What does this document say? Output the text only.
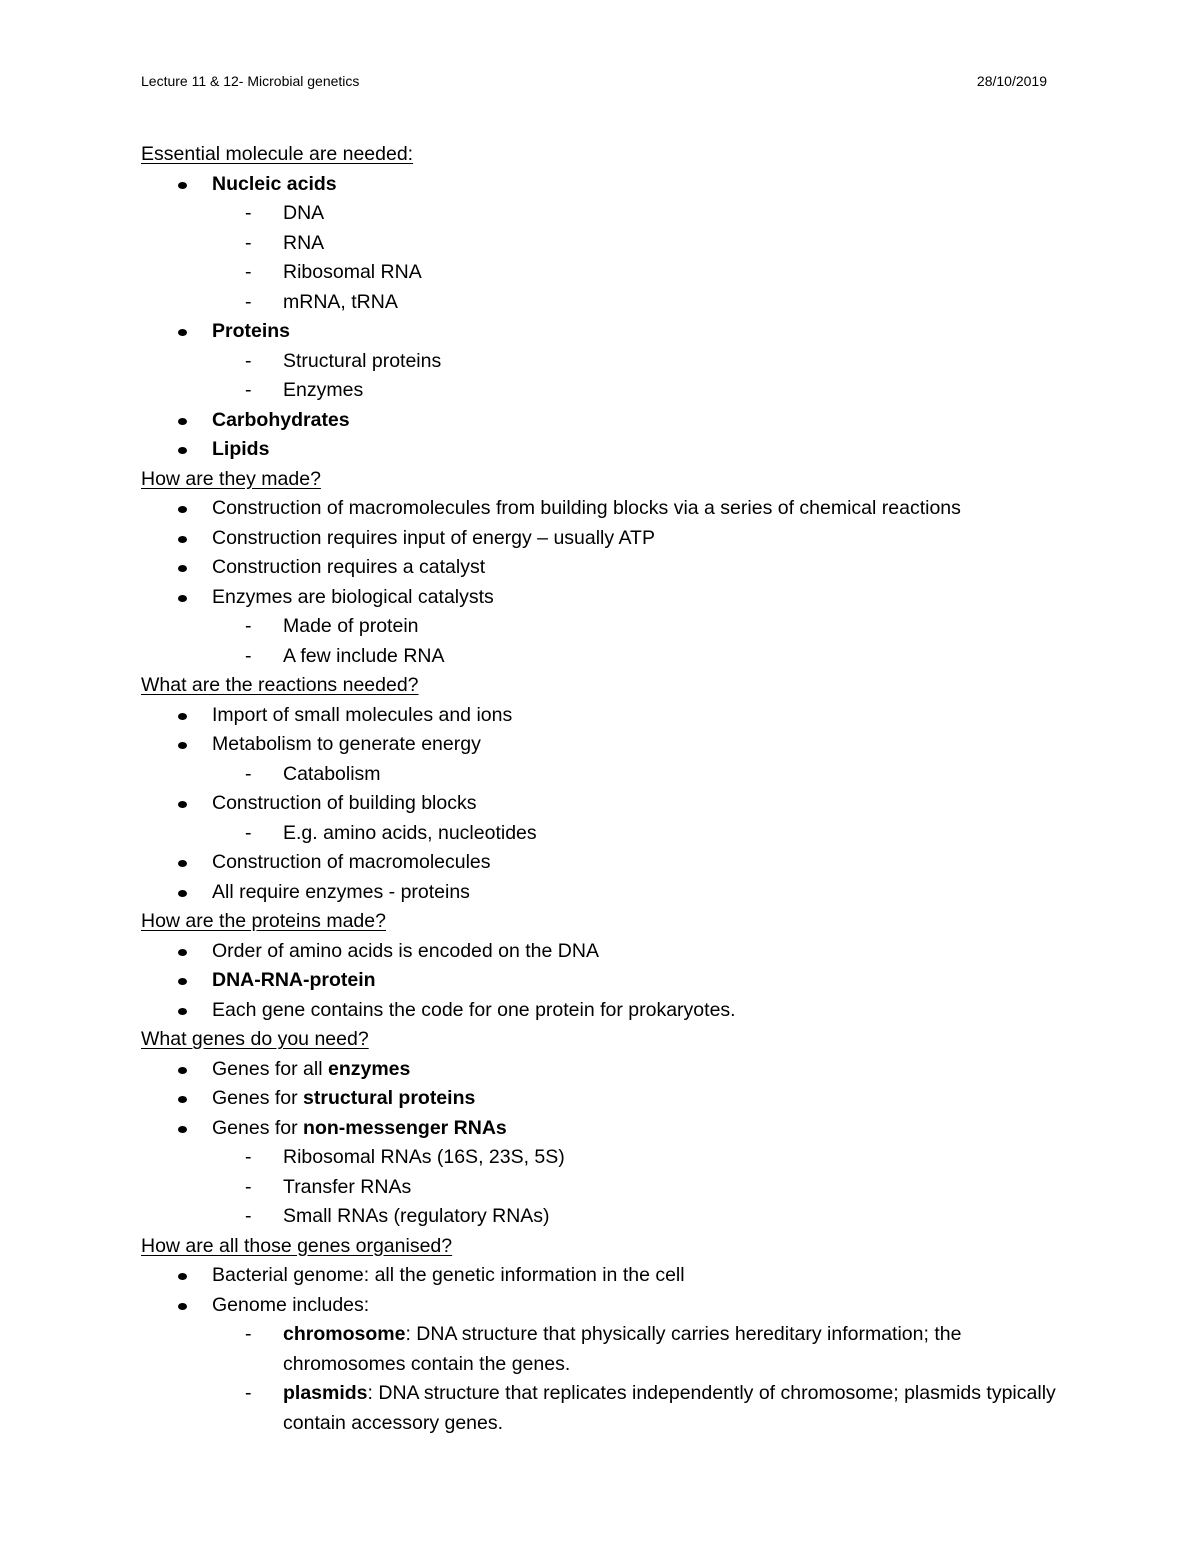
Lecture 11 & 12- Microbial genetics	28/10/2019
Essential molecule are needed:
Nucleic acids
- DNA
- RNA
- Ribosomal RNA
- mRNA, tRNA
Proteins
- Structural proteins
- Enzymes
Carbohydrates
Lipids
How are they made?
Construction of macromolecules from building blocks via a series of chemical reactions
Construction requires input of energy – usually ATP
Construction requires a catalyst
Enzymes are biological catalysts
- Made of protein
- A few include RNA
What are the reactions needed?
Import of small molecules and ions
Metabolism to generate energy
- Catabolism
Construction of building blocks
- E.g. amino acids, nucleotides
Construction of macromolecules
All require enzymes - proteins
How are the proteins made?
Order of amino acids is encoded on the DNA
DNA-RNA-protein
Each gene contains the code for one protein for prokaryotes.
What genes do you need?
Genes for all enzymes
Genes for structural proteins
Genes for non-messenger RNAs
- Ribosomal RNAs (16S, 23S, 5S)
- Transfer RNAs
- Small RNAs (regulatory RNAs)
How are all those genes organised?
Bacterial genome: all the genetic information in the cell
Genome includes:
- chromosome: DNA structure that physically carries hereditary information; the chromosomes contain the genes.
- plasmids: DNA structure that replicates independently of chromosome; plasmids typically contain accessory genes.
